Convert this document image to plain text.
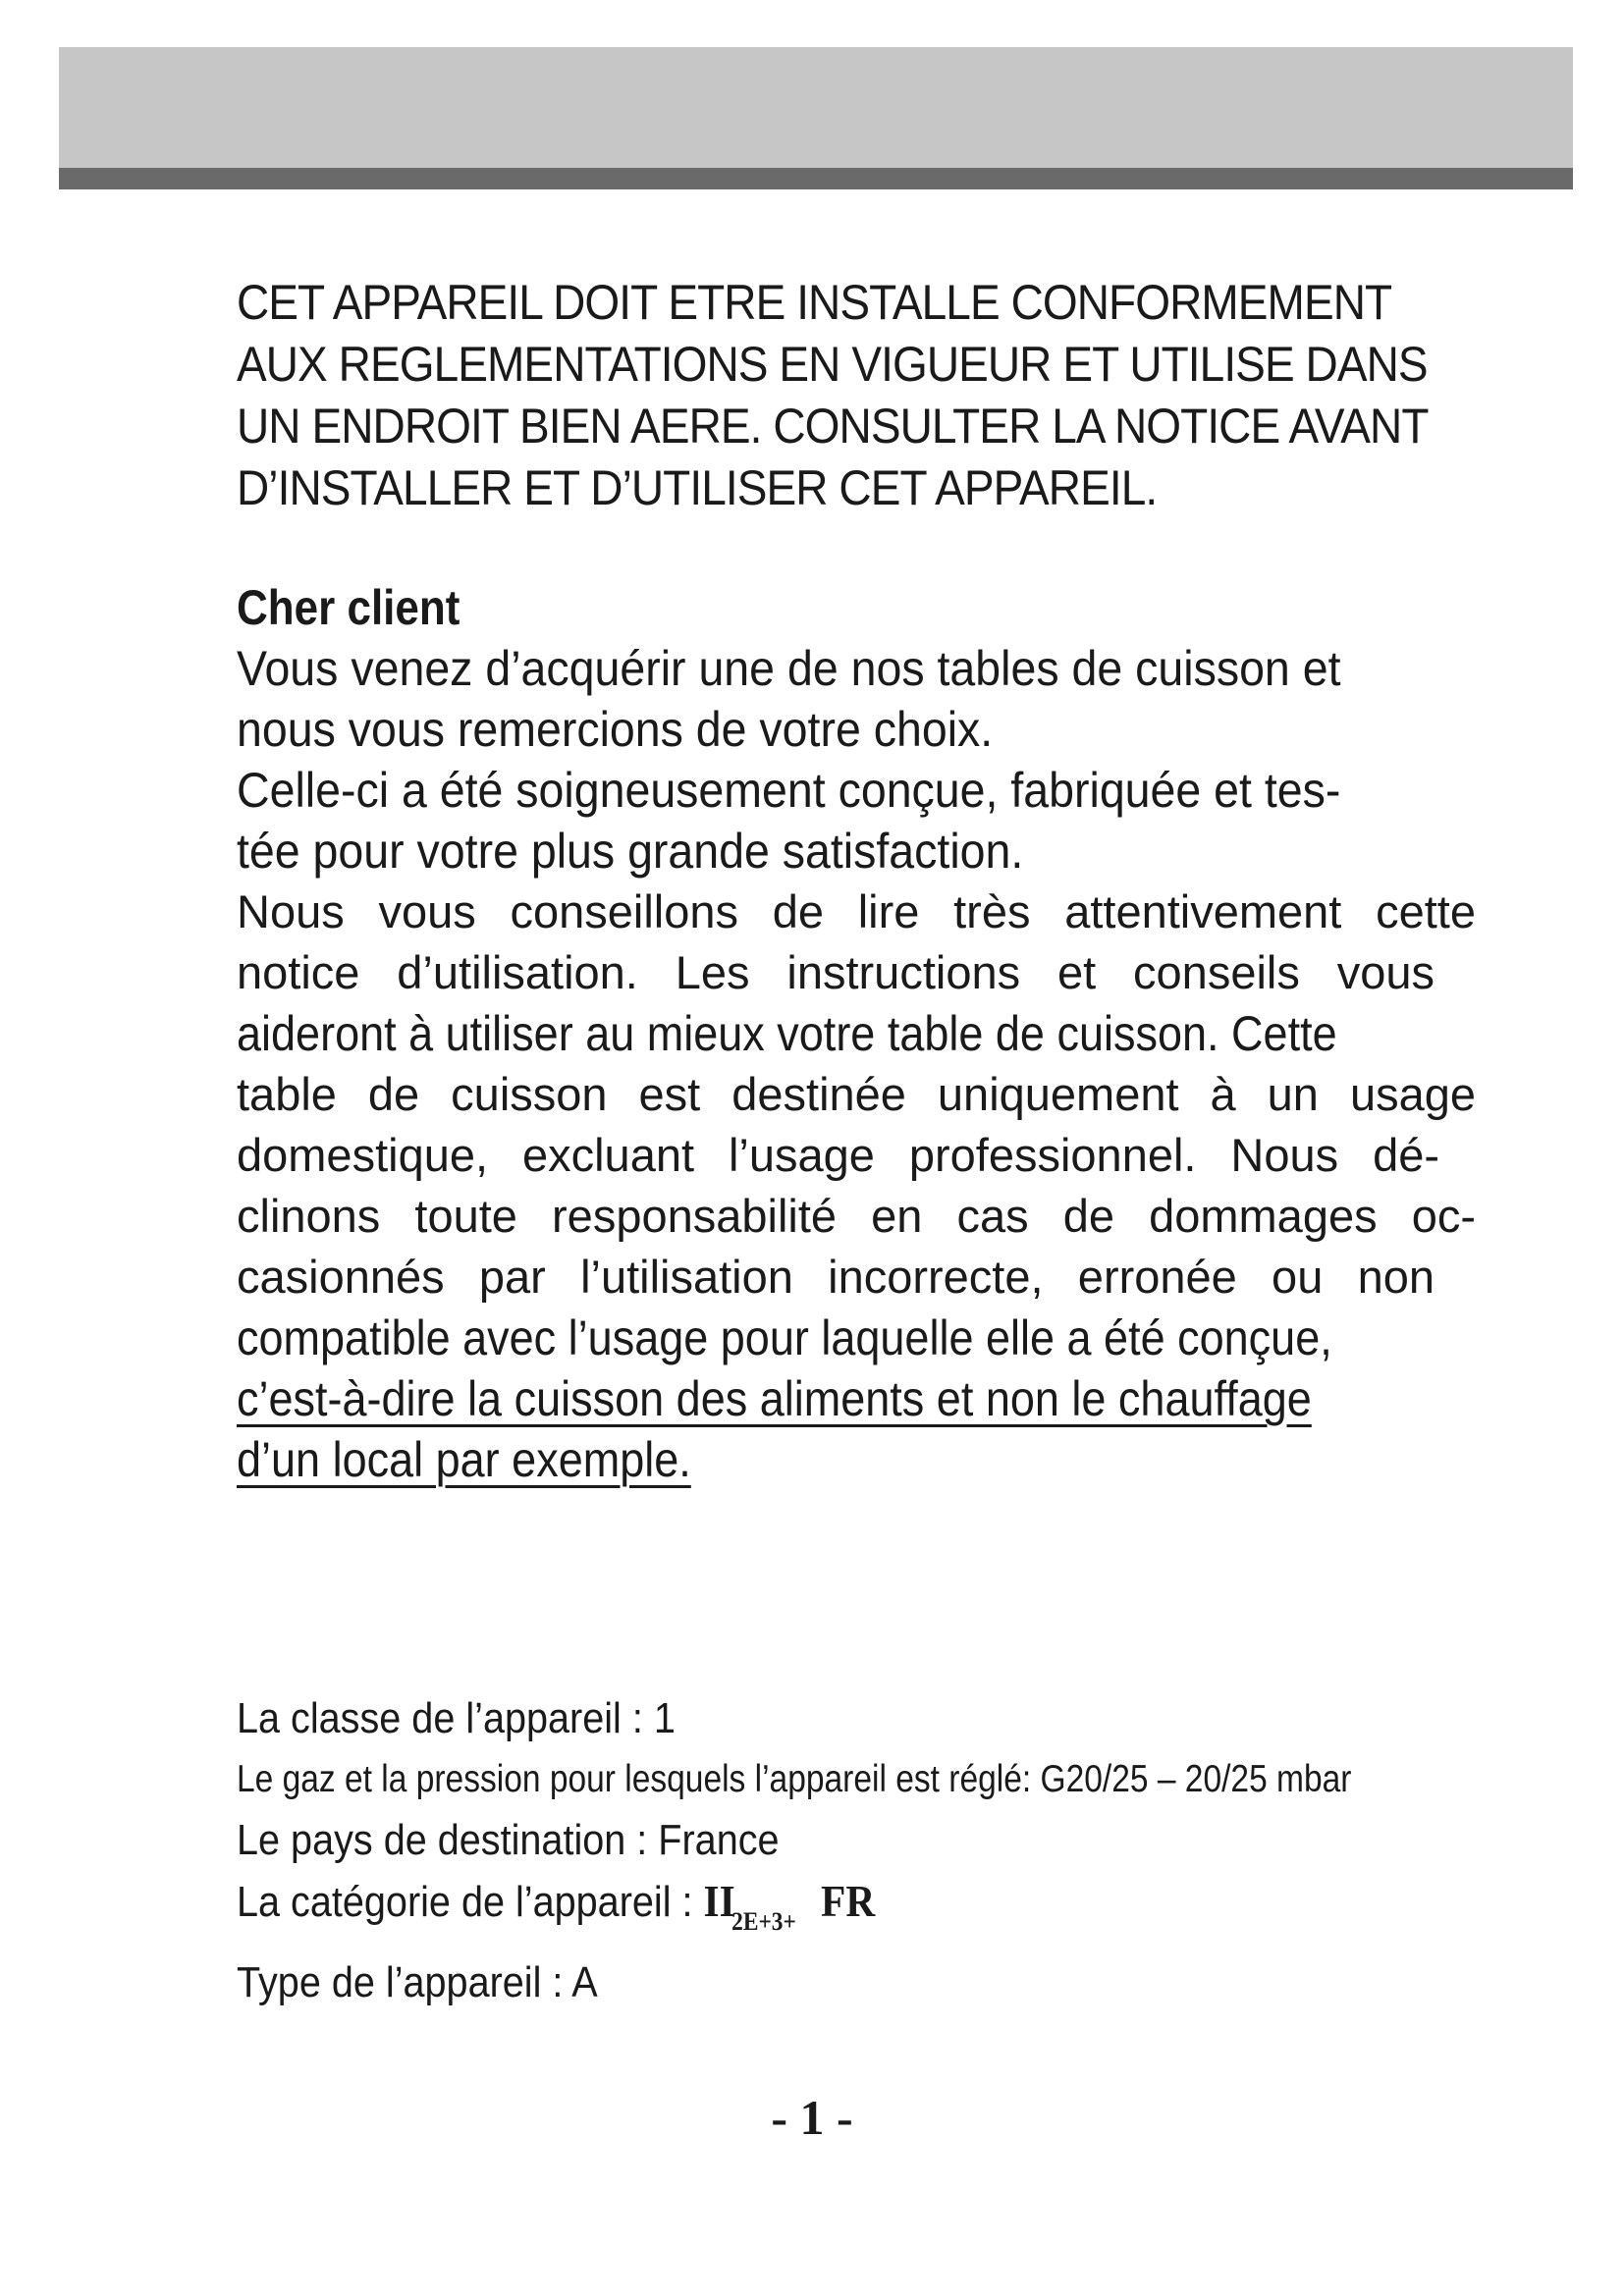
CET APPAREIL DOIT ETRE INSTALLE CONFORMEMENT
AUX REGLEMENTATIONS EN VIGUEUR ET UTILISE DANS
UN ENDROIT BIEN AERE. CONSULTER LA NOTICE AVANT
D’INSTALLER ET D’UTILISER CET APPAREIL.

Cher client
Vous venez d’acquérir une de nos tables de cuisson et
nous vous remercions de votre choix.
Celle-ci a été soigneusement conçue, fabriquée et tes-
tée pour votre plus grande satisfaction.
Nous vous conseillons de lire très attentivement cette
notice d’utilisation. Les instructions et conseils vous
aideront à utiliser au mieux votre table de cuisson. Cette
table de cuisson est destinée uniquement à un usage
domestique, excluant l’usage professionnel. Nous dé-
clinons toute responsabilité en cas de dommages oc-
casionnés par l’utilisation incorrecte, erronée ou non
compatible avec l’usage pour laquelle elle a été conçue,
c’est-à-dire la cuisson des aliments et non le chauffage
d’un local par exemple.
La classe de l’appareil : 1
Le gaz et la pression pour lesquels l’appareil est réglé: G20/25 – 20/25 mbar
Le pays de destination : France
La catégorie de l’appareil : $II_{2E+3+}$ FR
Type de l’appareil : A
- 1 -
